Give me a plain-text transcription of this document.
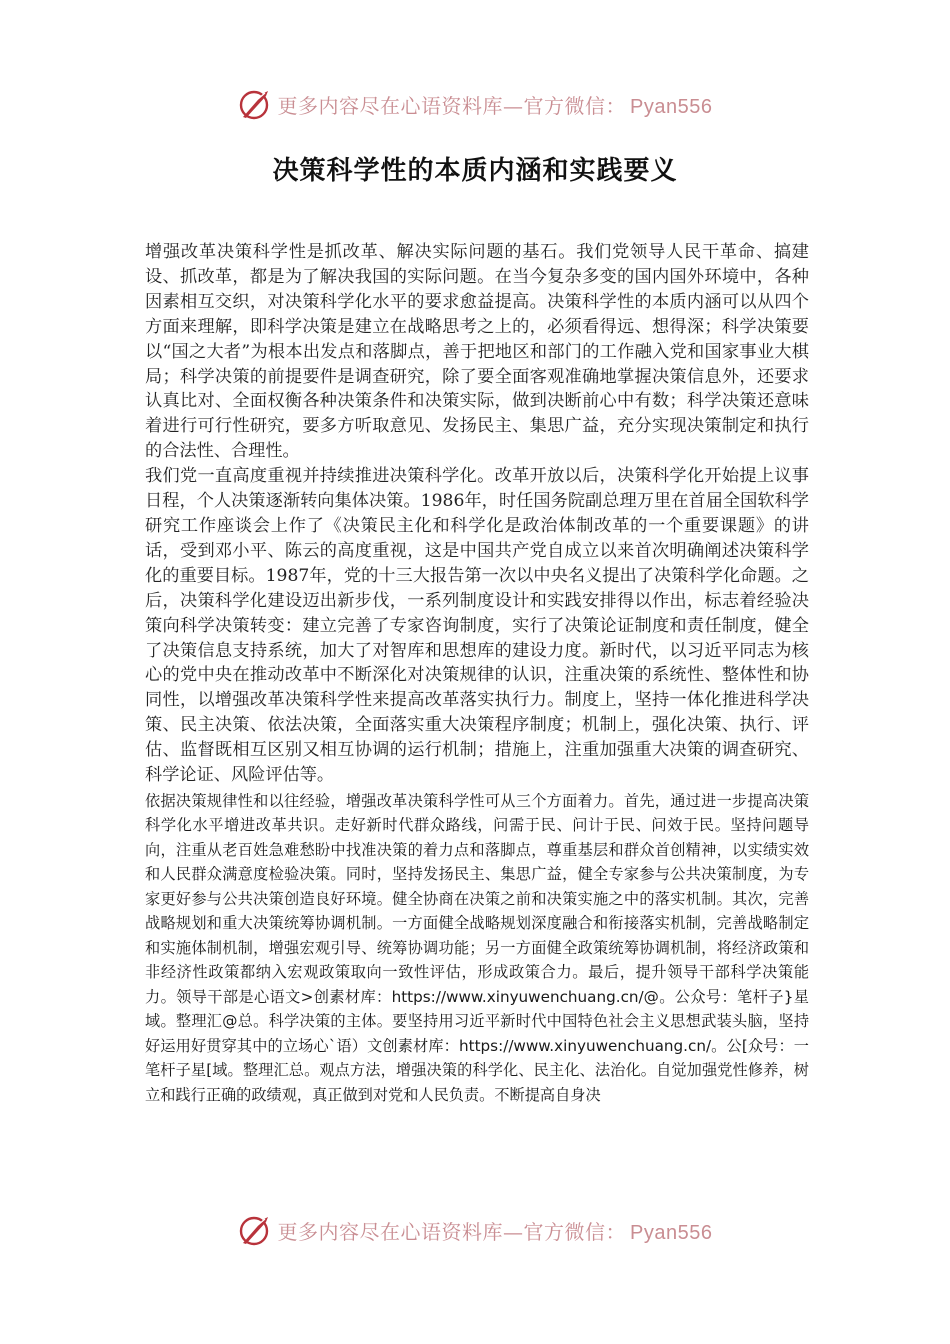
更多内容尽在心语资料库—官方微信： Pyan556
决策科学性的本质内涵和实践要义

增强改革决策科学性是抓改革、解决实际问题的基石。我们党领导人民干革命、搞建设、抓改革，都是为了解决我国的实际问题。在当今复杂多变的国内国外环境中，各种因素相互交织，对决策科学化水平的要求愈益提高。决策科学性的本质内涵可以从四个方面来理解，即科学决策是建立在战略思考之上的，必须看得远、想得深；科学决策要以“国之大者”为根本出发点和落脚点，善于把地区和部门的工作融入党和国家事业大棋局；科学决策的前提要件是调查研究，除了要全面客观准确地掌握决策信息外，还要求认真比对、全面权衡各种决策条件和决策实际，做到决断前心中有数；科学决策还意味着进行可行性研究，要多方听取意见、发扬民主、集思广益，充分实现决策制定和执行的合法性、合理性。

我们党一直高度重视并持续推进决策科学化。改革开放以后，决策科学化开始提上议事日程，个人决策逐渐转向集体决策。1986年，时任国务院副总理万里在首届全国软科学研究工作座谈会上作了《决策民主化和科学化是政治体制改革的一个重要课题》的讲话，受到邓小平、陈云的高度重视，这是中国共产党自成立以来首次明确阐述决策科学化的重要目标。1987年，党的十三大报告第一次以中央名义提出了决策科学化命题。之后，决策科学化建设迈出新步伐，一系列制度设计和实践安排得以作出，标志着经验决策向科学决策转变：建立完善了专家咨询制度，实行了决策论证制度和责任制度，健全了决策信息支持系统，加大了对智库和思想库的建设力度。新时代，以习近平同志为核心的党中央在推动改革中不断深化对决策规律的认识，注重决策的系统性、整体性和协同性，以增强改革决策科学性来提高改革落实执行力。制度上，坚持一体化推进科学决策、民主决策、依法决策，全面落实重大决策程序制度；机制上，强化决策、执行、评估、监督既相互区别又相互协调的运行机制；措施上，注重加强重大决策的调查研究、科学论证、风险评估等。

依据决策规律性和以往经验，增强改革决策科学性可从三个方面着力。首先，通过进一步提高决策科学化水平增进改革共识。走好新时代群众路线，问需于民、问计于民、问效于民。坚持问题导向，注重从老百姓急难愁盼中找准决策的着力点和落脚点，尊重基层和群众首创精神，以实绩实效和人民群众满意度检验决策。同时，坚持发扬民主、集思广益，健全专家参与公共决策制度，为专家更好参与公共决策创造良好环境。健全协商在决策之前和决策实施之中的落实机制。其次，完善战略规划和重大决策统筹协调机制。一方面健全战略规划深度融合和衔接落实机制，完善战略制定和实施体制机制，增强宏观引导、统筹协调功能；另一方面健全政策统筹协调机制，将经济政策和非经济性政策都纳入宏观政策取向一致性评估，形成政策合力。最后，提升领导干部科学决策能力。领导干部是心语文>创素材库：https://www.xinyuwenchuang.cn/@。公众号：笔杆子}星域。整理汇@总。科学决策的主体。要坚持用习近平新时代中国特色社会主义思想武装头脑，坚持好运用好贯穿其中的立场心`语）文创素材库：https://www.xinyuwenchuang.cn/。公[众号：一笔杆子星[域。整理汇总。观点方法，增强决策的科学化、民主化、法治化。自觉加强党性修养，树立和践行正确的政绩观，真正做到对党和人民负责。不断提高自身决

更多内容尽在心语资料库—官方微信： Pyan556
